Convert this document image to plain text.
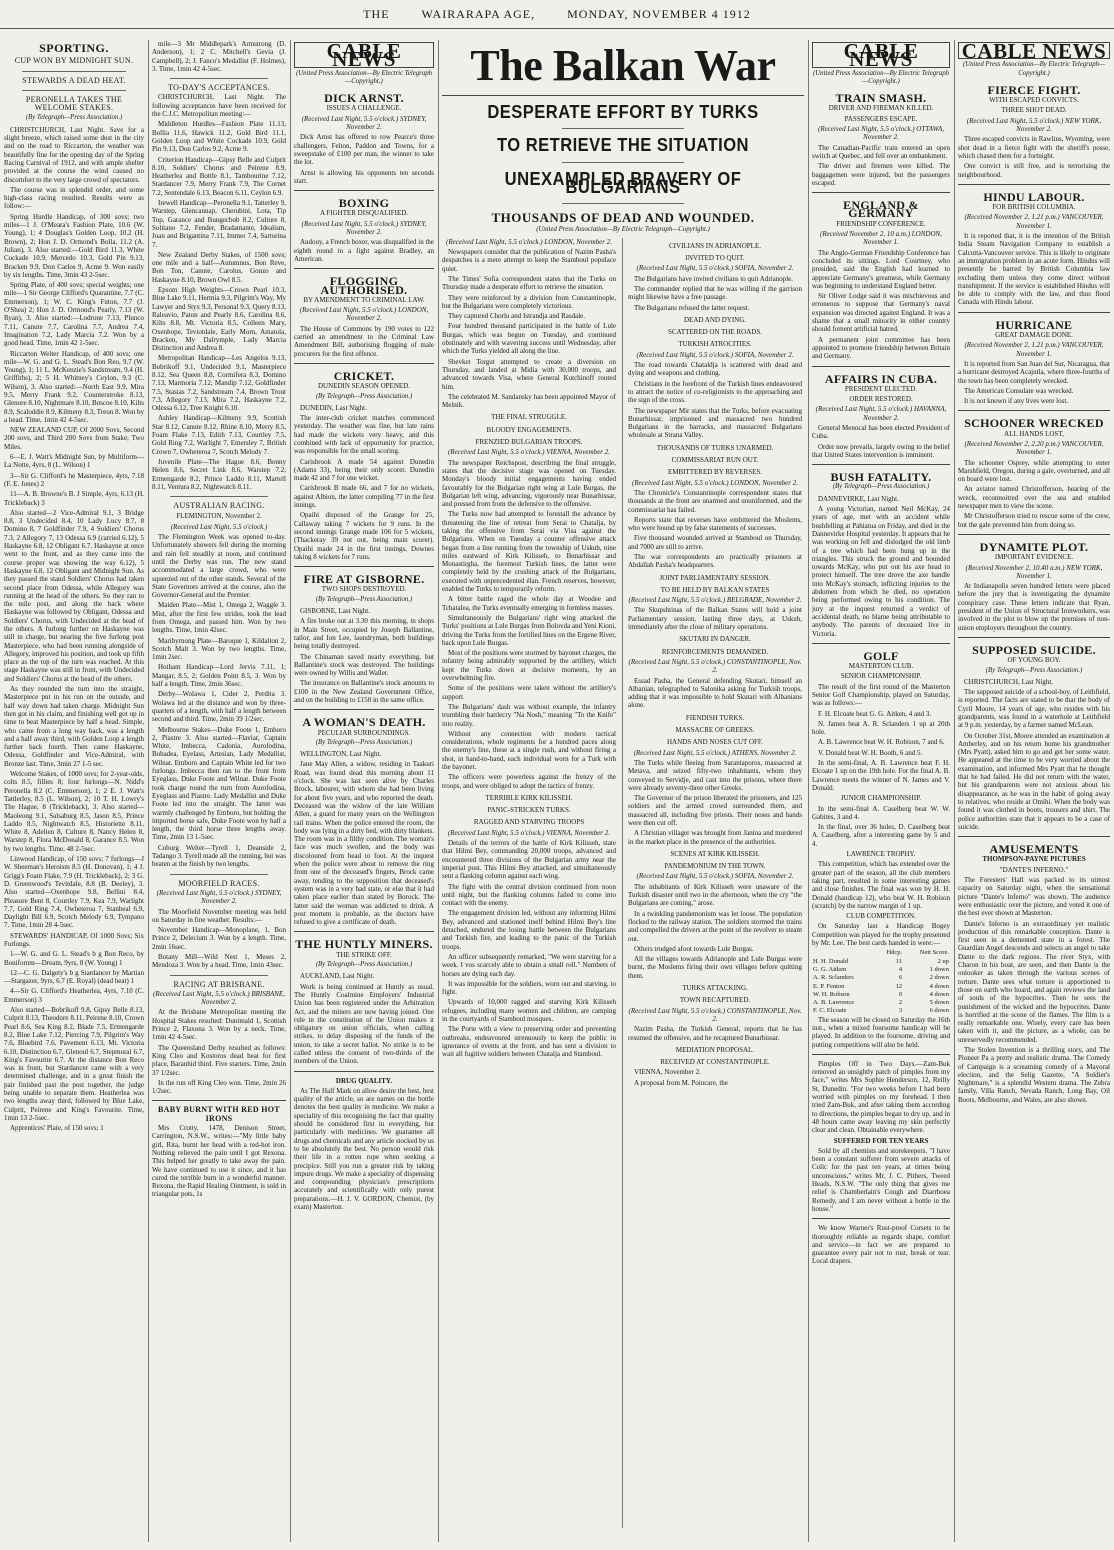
THE	WAIRARAPA AGE,	MONDAY, NOVEMBER 4 1912
SPORTING.
CUP WON BY MIDNIGHT SUN.
STEWARDS A DEAD HEAT.
PERONELLA TAKES THE WELCOME STAKES.
(By Telegraph—Press Association.)

CHRISTCHURCH, Last Night. Save for a slight breeze, which raised some dust in the city and on the road to Riccarton, the weather was beautifully fine for the opening day of the Spring Racing Carnival of 1912, and with ample shelter provided at the course the wind caused no discomfort to the very large crowd of spectators.

The course was in splendid order, and some high-class racing resulted. Results were as follow:—

Spring Hurdle Handicap, of 300 sovs; two miles—1 J. O'Meara's Fashion Plate, 10.6 (W. Young), 1; 4 Douglas's Golden Loop, 10.2 (H. Brown), 2; Hon J. D. Ormond's Bolla, 11.2 (A. Julian), 3. Also started:—Gold Bird 11.3, White Cockade 10.9, Mercedo 10.3, Gold Pin 9.13, Bracken 9.9, Don Carlos 9, Acme 9. Won easily by six lengths. Time, 3min 43 2-5sec.

Spring Plate, of 400 sovs; special weights; one mile—1 Sir George Clifford's Quarantine, 7.7 (C. Emmerson), 1; W. C. King's Futon, 7.7 (J. O'Shea) 2; Hon J. D. Ormond's Pearly, 7.13 (W. Ryan), 3. Also started:—Lodrone 7.13, Plunco 7.11, Canute 7.7, Carolina 7.7, Andrea 7.4, Imagination 7.2, Lady Marcia 7.2. Won by a good head. Time, 1min 42 1-5sec.

Riccarton Welter Handicap, of 400 sovs; one mile—W. G. and G. L. Stead's Bon Reo, 9.7 (W. Young), 1; 11 L. McKenzie's Sandstream, 9.4 (H. Griffiths), 2; 5 H. Whitney's Ceylon, 9.3 (C. Wilson), 3. Also started:—North East 9.9, Mira 9.5, Merry Frank 9.2, Counterstroke 8.13, Glenore 8.10, Nightmare 8.10, Boscoe 8.10, Kilts 8.9, Scaloddie 8.9, Kilmeny 8.3, Treon 8. Won by a head. Time, 1min 42 4-5sec.

NEW ZEALAND CUP, Of 2000 Sovs, Second 200 sovs, and Third 200 Sovs from Stake; Two Miles.

6—E. J. Watt's Midnight Sun, by Multiform—La Notte, 4yrs, 8 (L. Wilson) 1

3—Sir G. Clifford's he Masterpiece, 4yrs, 7.18 (F. E. Jones) 2

11—A. B. Browne's B. J Simple, 4yrs, 6.13 (H. Trickleback) 3

Also started—2 Vice-Admiral 9.1, 3 Bridge 8.8, 3 Undecided 8.4, 10 Lady Lucy 8.7, 8 Domino 8, 7 Goldfinder 7.9, 4 Soldiers' Chorus 7.3, 2 Allegory 7, 13 Odessa 6.9 (carried 6.12), 5 Haskayne 6.8, 12 Obligant 6.7. Haskayne at once went to the front, and as they came into the course proper was showing the way 6.12), 5 Haskayne 6.8, 12 Obligant and Midnight Sun. As they passed the stand Soldiers' Chorus had taken second place from Odessa, while Allegory was running at the head of the others. So they ran to the mile post, and along the back where Haskayne was followed by Obligant, Odessa and Soldiers' Chorus, with Undecided at the head of the others. A furlong further on Haskayne was still in charge, but nearing the five furlong post Masterpiece, who had been running alongside of Allegory, improved his position, and took up fifth place as the top of the turn was reached. At this stage Haskayne was still in front, with Undecided and Soldiers' Chorus at the head of the others.

As they rounded the turn into the straight, Masterpiece put in his run on the outside, and half way down had taken charge. Midnight Sun then got in his claim, and finishing well got up in time to beat Masterpiece by half a head. Simple, who came from a long way back, was a length and a half away third, with Golden Loop a length further back fourth. Then came Haskayne, Odessa, Goldfinder and Vice-Admiral, with Bronze last. Time, 3min 27 1-5 sec.

Welcome Stakes, of 1000 sovs; for 2-year-olds, colts 8.5, fillies 8; four furlongs—N. Nidd's Peronella 8.2 (C. Emmerson), 1; 2 E. J. Watt's Tattlerley, 8.5 (L. Wilson), 2; 10 T. H. Lowry's The Hague, 8 (Trickleback), 3. Also started—Maoleong 9.1, Salsaburg 8.5, Jason 8.5, Prince Laddo 8.5, Nightwatch 8.5, Historiette 8.11, White 8, Adelien 8, Culture 8, Nancy Helen 8, Warstep 8, Flora McDonald 8, Garance 8.5. Won by two lengths. Time, 48 2-5sec.

Linwood Handicap, of 150 sovs; 7 furlongs—J W. Sheeman's Heroism 8.5 (H. Donovan), 1; 4 J. Grigg's Foam Flake, 7.9 (H. Trickleback), 2; 3 G. D. Greenwood's Tevitdale, 8.8 (B. Deeley), 3. Also started—Oxenhope 9.8, Bellini 8.4, Pleasure Bent 8, Courtley 7.9, Kea 7.9, Warlight 7.7, Gold Ring 7.4, Owheteroa 7, Stanbeal 6.9, Daylight Bill 6.9, Scotch Melody 6.9, Tympano 7. Time, 1min 28 4-5sec.

STEWARDS' HANDICAP, Of 1000 Sovs; Six Furlongs.

1—W. G. and G. L. Stead's b g Bon Reco, by Bonifornm—Dream, 9yrs, 8 (W. Young) 1

12—C. G. Dalgety's b g Stardancer by Martian—Stargazer, 9yrs, 6.7 (E. Royal) (dead heat) 1

4—Sir G. Clifford's Heatherlea, 4yrs, 7.10 (C. Emmerson) 3

Also started—Bobrikoff 9.8, Gipsy Belle 8.13, Culprit 8.13, Theodore 8.11, Peirene 8.10, Crown Pearl 8.6, Sea King 8.2, Blade 7.5, Ermengarde 8.2, Blue Lake 7.12, Piercing 7.9, Pilgrim's Way 7.6, Bluebird 7.6, Pavement 6.13, Mt. Victoria 6.10, Distinction 6.7, Glenoul 6.7, Stepmoral 6.7, King's Favourite 6.7. At the distance Bon Reco was in front, but Stardancer came with a very determined challenge, and in a great finish the pair finished past the post together, the judge being unable to separate them. Heatherlea was two lengths away third, followed by Blue Lake, Culprit, Peirene and King's Favourite. Time, 1min 13 2-5sec.

Apprentices' Plate, of 150 sovs; 1

mile—3 Mr Middlepark's Armstrong (D. Anderson), 1; 2 C. Mitchell's Gevia (J. Campbell), 2; J. Fanco's Medallist (F. Holmes), 3. Time, 1min 42 4-5sec.

TO-DAY'S ACCEPTANCES.

CHRISTCHURCH, Last Night. The following acceptances have been received for the C.J.C. Metropolitan meeting:—

Middleton Hurdles—Fashion Plate 11.13, Bollia 11.6, Hawick 11.2, Gold Bird 11.1, Golden Loop and White Cockade 10.9, Gold Pin 9.13, Don Carlos 9.2, Acme 9.

Criterion Handicap—Gipsy Belle and Culprit 8.10, Soldiers' Chorus and Peirene 8.9, Heatherlea and Bottle 8.1, Tambourine 7.12, Stardancer 7.9, Merry Frank 7.9, The Cornet 7.2, Sentendale 6.13, Beacon 6.11, Ceylon 6.9.

Irewell Handicap—Peronella 9.1, Tatterley 9, Warstep, Glencannap, Cherubini, Lota, Tip Top, Garance and Bungecbob 8.2, Culture 8, Solitano 7.2, Fender, Bradamante, Idealism, Joan and Brigantina 7.11, Immer 7.4, Sartorina 7.

New Zealand Derby Stakes, of 1500 sovs; one mile and a half—Autumnus, Bon Reve, Bon Ton, Canute, Carolus, Gonzo and Haskayne 8.10, Brown Owl 8.5.

Epsom High Weights—Crown Pearl 10.3, Blue Lake 9.11, Hermia 9.3, Pilgrim's Way, My Lawyer and Styx 9.3, Personal 9.3, Query 8.13, Raleavio, Paton and Pearly 8.6, Carolina 8.6, Kilts 8.8, Mt. Victoria 8.5, Colleen Mary, Oxenhope, Teviotdale, Early Morn, Amatola, Bracken, My Dalrymple, Lady Marcia Distinction and Andrea 8.

Metropolitan Handicap—Les Angelos 9.13, Bobrikoff 9.1, Undecided 9.1, Masterpiece 8.12, Sea Queen 8.8, Cormifera 8.3, Domino 7.13, Marmoria 7.12, Mandip 7.12, Goldfinder 7.5, Stasias 7.2, Sandstream 7.4, Brown Trout 7.3, Allegory 7.13, Mira 7.2, Haskayne 7.2, Odessa 6.12, Tree Knight 6.10.

Ashley Handicap—Kilmeny 9.9, Scottish Star 8.12, Canute 8.12, Rhine 8.10, Merry 8.5, Foam Flake 7.13, Edith 7.13, Courtley 7.5, Gold Ring 7.2, Warlight 7, Emersley 7, British Crown 7, Owheteroa 7, Scotch Melody 7.

Juvenile Plate—The Hague 8.6, Bonny Helen 8.6, Secret Link 8.6, Warstep 7.2, Ermengarde 8.2, Prince Laddo 8.11, Martell 8.11, Ventura 8.2, Nightwatch 8.11.

AUSTRALIAN RACING.
FLEMINGTON, November 2.

(Received Last Night, 5.5 o'clock.)

The Flemington Week was opened to-day. Unfortunately showers fell during the morning and rain fell steadily at noon, and continued until the Derby was run. The new stand accommodated a large crowd, who were squeezed out of the other stands. Several of the State Governors arrived at the course, also the Governor-General and the Premier.

Maiden Plate—Mist 1, Omega 2, Waggle 3. Mist, after the first few strides, took the lead from Omega, and passed him. Won by two lengths. Time, 1min 42sec.

Maribyrnong Plate—Baroque 1, Kildalton 2, Scotch Malt 3. Won by two lengths. Time, 1min 2sec.

Hotham Handicap—Lord Jervis 7.11, 1; Mangar, 8.5, 2; Golden Point 8.5, 3. Won by half a length. Time, 2min 36sec.

Derby—Wolawa 1, Cider 2, Perdita 3. Wolawa led at the distance and won by three-quarters of a length, with half a length between second and third. Time, 2min 39 1/2sec.

Melbourne Stakes—Duke Foote 1, Emboro 2, Piastre 3. Also started—Flaviar, Captain White, Imbecca, Cadonia, Aurofodina, Bobadea, Eyelass, Artesian, Lady Medallist, Wilnat. Emboro and Captain White led for two furlongs. Imbecca then ran to the front from Eyeglass, Duke Foote and Wilnat. Duke Foote took charge round the turn from Aurofodina, Eyeglass and Piastre. Lady Medallist and Duke Foote led into the straight. The latter was warmly challenged by Emboro, but holding the imported horse safe, Duke Foote won by half a length, the third horse three lengths away. Time, 2min 13 1-5sec.

Coburg Welter—Tyrell 1, Deanside 2, Tadango 3. Tyrell made all the running, but was beaten at the finish by two lengths.

MOORFIELD RACES.

(Received Last Night, 5.5 o'clock.) SYDNEY, November 2.

The Moorfield November meeting was held on Saturday in fine weather. Results:—

November Handicap—Monoplane, 1, Bon Prince 2, Delecium 3. Won by a length. Time, 2min 16sec.

Botany Mill—Wild Nest 1, Meses 2, Mendoza 3. Won by a head. Time, 1min 43sec.

RACING AT BRISBANE.

(Received Last Night, 5.5 o'clock.) BRISBANE, November 2.

At the Brisbane Metropolitan meeting the Hospital Stakes resulted: Dunimald 1, Scottish Prince 2, Flaxona 3. Won by a neck. Time, 1min 42 4-5sec.

The Queensland Derby resulted as follows: King Cleo and Kostoros dead heat for first place, Baranhid third. Five starters. Time, 2min 37 1/2sec.

In the run off King Cleo won. Time, 2min 26 1/2sec.

BABY BURNT WITH RED HOT IRONS

Mrs Crotty, 1478, Denison Street, Carrington, N.S.W., writes:—"My little baby girl, Rita, burnt her head with a red-hot iron. Nothing relieved the pain until I got Rexona. This helped her greatly to take away the pain. We have continued to use it since, and it has cured the terrible burn in a wonderful manner. Rexona, the Rapid Healing Ointment, is sold in triangular pots, 1s

CABLE NEWS
(United Press Association—By Electric Telegraph—Copyright.)
DICK ARNST.
ISSUES A CHALLENGE.

(Received Last Night, 5.5 o'clock.) SYDNEY, November 2.

Dick Arnst has offered to row Pearce's three challengers, Felton, Paddon and Towns, for a sweepstake of £100 per man, the winner to take the lot.

Arnst is allowing his opponents ten seconds start.

BOXING
A FIGHTER DISQUALIFIED.

(Received Last Night, 5.5 o'clock.) SYDNEY, November 2.

Audouy, a French boxer, was disqualified in the eighth round in a fight against Bradley, an American.

FLOGGING AUTHORISED.
BY AMENDMENT TO CRIMINAL LAW.

(Received Last Night, 5.5 o'clock.) LONDON, November 2.

The House of Commons by 190 votes to 122 carried an amendment to the Criminal Law Amendment Bill, authorising flogging of male procurers for the first offence.

CRICKET.
DUNEDIN SEASON OPENED.
(By Telegraph—Press Association.)

DUNEDIN, Last Night.

The inter-club cricket matches commenced yesterday. The weather was fine, but late rains had made the wickets very heavy, and this combined with lack of opportunity for practice, was responsible for the small scoring.

Carisbrook A made 54 against Dunedin (Adams 33), being their only scorer. Dunedin made 42 and 7 for one wicket.

Carisbrook B made 66, and 7 for no wickets, against Albion, the latter compiling 77 in the first innings.

Opaihi disposed of the Grange for 25, Callaway taking 7 wickets for 9 runs. In the second innings Grange made 106 for 5 wickets, (Thackeray 39 not out, being main scorer). Opaihi made 24 in the first innings, Downes taking 8 wickets for 7 runs.

FIRE AT GISBORNE.
TWO SHOPS DESTROYED.
(By Telegraph—Press Association.)

GISBORNE, Last Night.

A fire broke out at 3.30 this morning, in shops in Main Street, occupied by Joseph Ballantine, tailor, and Ion Lee, laundryman, both buildings being totally destroyed.

The Chinaman saved nearly everything, but Ballantine's stock was destroyed. The buildings were owned by Willis and Waller.

The insurance on Ballantine's stock amounts to £100 in the New Zealand Government Office, and on the building to £150 in the same office.

A WOMAN'S DEATH.
PECULIAR SURROUNDINGS.
(By Telegraph—Press Association.)

WELLINGTON, Last Night.

Jane May Allen, a widow, residing in Taakuri Road, was found dead this morning about 11 o'clock. She was last seen alive by Charles Brock, labourer, with whom she had been living for about five years, and who reported the death. Deceased was the widow of the late William Allen, a guard for many years on the Wellington rail trains. When the police entered the room, the body was lying in a dirty bed, with dirty blankets. The room was in a filthy condition. The woman's face was much swollen, and the body was discoloured from head to foot. At the inquest when the police were about to remove the ring from one of the deceased's fingers, Brock came away, tending to the supposition that deceased's system was in a very bad state, or else that it had taken place earlier than stated by Borock. The latter said the woman was addicted to drink. A post mortem is probable, as the doctors have refused to give a certificate of death.

THE HUNTLY MINERS.
THE STRIKE OFF.
(By Telegraph—Press Association.)

AUCKLAND, Last Night.

Work is being continued at Huntly as usual. The Huntly Coalmine Employers' Industrial Union has been registered under the Arbitration Act, and the miners are now having joined. One rule in the constitution of the Union makes it obligatory on union officials, when calling strikes, to delay disposing of the funds of the union, to take a secret ballot. No strike is to be called unless the consent of two-thirds of the members of the Union.

DRUG QUALITY.

As The Half Mark on allow desire the best, best quality of the article, so are names on the bottle denotes the best quality in medicine. We make a speciality of this recognising the fact that quality should be considered first in everything, but particularly with medicines. We guarantee all drugs and chemicals and any article stocked by us to be absolutely the best. No person would risk their life in a rotten rope when seeking a precipice. Still you run a greater risk by taking impure drugs. We make a speciality of dispensing and compounding physician's prescriptions accurately and scientifically with only purest preparations.—H. J. V. GORDON, Chemist, (by exam) Masterton.

The Balkan War
DESPERATE EFFORT BY TURKS
TO RETRIEVE THE SITUATION
UNEXAMPLED BRAVERY OF BULGARIANS
THOUSANDS OF DEAD AND WOUNDED.
(United Press Association—By Electric Telegraph—Copyright.)

(Received Last Night, 5.5 o'clock.) LONDON, November 2.

Newspapers consider that the publication of Nazim Pasha's despatches is a mere attempt to keep the Stamboul populace quiet.

The Times' Sofia correspondent states that the Turks on Thursday made a desperate effort to retrieve the situation.

They were reinforced by a division from Constantinople, but the Bulgarians were completely victorious.

They captured Chorlu and Istrandja and Rasdale.

Four hundred thousand participated in the battle of Lule Burgas, which was begun on Tuesday, and continued obstinately and with wavering success until Wednesday, after which the Turks yielded all along the line.

Shevket Torgut attempted to create a diversion on Thursday, and landed at Midia with 30,000 troops, and advanced towards Visa, where General Kutchinoff routed him.

The celebrated M. Sandansky has been appointed Mayor of Melnik.

THE FINAL STRUGGLE.

BLOODY ENGAGEMENTS.

FRENZIED BULGARIAN TROOPS.

(Received Last Night, 5.5 o'clock.) VIENNA, November 2.

The newspaper Reichspost, describing the final struggle, states that the decisive stage was opened on Tuesday. Monday's bloody initial engagements having ended favourably for the Bulgarian right wing at Lule Burgas, the Bulgarian left wing, advancing, vigorously near Bunarhissar, and pressed from from the defensive to the offensive.

The Turks now had attempted to forestall the advance by threatening the line of retreat from Serai to Chatalja, by taking the offensive from Serai via Visa against the Bulgarians. When on Tuesday a counter offensive attack began from a line running from the township of Uskub, nine miles eastward of Kirk Kilisseh, to Bunarhissar and Monastirgha, the foremost Turkish lines, the latter were completely held by the crushing attack of the Bulgarians, executed with unprecedented élan. French reserves, however, enabled the Turks to temporarily reform.

A bitter battle raged the whole day at Woodee and Tchatalea, the Turks eventually emerging in formless masses.

Simultaneously the Bulgarians' right wing attacked the Turks' positions at Lule Burgas from Bolovda and Yeni Kioni, driving the Turks from the fortified lines on the Ergene River, back upon Lule Burgas.

Most of the positions were stormed by bayonet charges, the infantry being admirably supported by the artillery, which kept the Turks down at decisive moments, by an overwhelming fire.

Some of the positions were taken without the artillery's support.

The Bulgarians' dash was without example, the infantry trumbling their battlecry "Na Nosh," meaning "To the Knife" into reality.

Without any connection with modern tactical considerations, whole regiments for a hundred paces along the enemy's line, these at a single rush, and without firing a shot, in hand-to-hand, each individual worn for a Turk with the bayonet.

The officers were powerless against the frenzy of the troops, and were obliged to adopt the tactics of frenzy.

TERRIBLE KIRK KILISSEH.

PANIC-STRICKEN TURKS.

RAGGED AND STARVING TROOPS

(Received Last Night, 5.5 o'clock.) VIENNA, November 2.

Details of the terrors of the battle of Kirk Kilisseh, state that Hilmi Bey, commanding 20,000 troops, advanced and encountered three divisions of the Bulgarian army near the imperial post. This Hilmi Bey attacked, and simultaneously sent a flanking column against each wing.

The fight with the central division continued from noon until night, but the flanking columns failed to come into contact with the enemy.

The engagement division led, without any informing Hilmi Bey, advanced and stationed itself behind Hilmi Bey's line detached, endured the losing battle between the Bulgarians and Turkish fire, and leading to the panic of the Turkish troops.

An officer subsequently remarked, "We were starving for a week. I vos scarcely able to obtain a small roll." Numbers of horses are dying each day.

It was impossible for the soldiers, worn out and starving, to fight.

Upwards of 10,000 ragged and starving Kirk Kilisseh refugees, including many women and children, are camping in the courtyards of Stamboul mosques.

The Porte with a view to preserving order and preventing outbreaks, endeavoured strenuously to keep the public in ignorance of events at the front, and has sent a division to wait all fugitive soldiers between Chatalja and Stamboul.

CIVILIANS IN ADRIANOPLE.

INVITED TO QUIT.

(Received Last Night, 5.5 o'clock.) SOFIA, November 2.

The Bulgarians have invited civilians to quit Adrianople.

The commander replied that he was willing if the garrison might likewise have a free passage.

The Bulgarians refused the latter request.

DEAD AND DYING.

SCATTERED ON THE ROADS.

TURKISH ATROCITIES.

(Received Last Night, 5.5 o'clock.) SOFIA, November 2.

The road towards Chataldja is scattered with dead and dying and weapons and clothing.

Christians in the forefront of the Turkish lines endeavoured to attract the notice of co-religionists to the approaching and the sign of the cross.

The newspaper Mir states that the Turks, before evacuating Bunarhissar, imprisoned and massacred two hundred Bulgarians in the barracks, and massacred Bulgarians wholesale at Strana Valley.

THOUSANDS OF TURKS UNARMED.

COMMISSARIAT RUN OUT.

EMBITTERED BY REVERSES.

(Received Last Night, 5.5 o'clock.) LONDON, November 2.

The Chronicle's Constantinople correspondent states that thousands at the front are unarmed and ununiformed, and the commissariat has failed.

Reports state that reverses have embittered the Moslems, who were bound up by false statements of successes.

Five thousand wounded arrived at Stamboul on Thursday, and 7000 are still to arrive.

The war correspondents are practically prisoners at Abdallah Pasha's headquarters.

JOINT PARLIAMENTARY SESSION.

TO BE HELD BY BALKAN STATES

(Received Last Night, 5.5 o'clock.) BELGRADE, November 2.

The Skupshtinas of the Balkan States will hold a joint Parliamentary session, lasting three days, at Uskub, immediately after the close of military operations.

SKUTARI IN DANGER.

REINFORCEMENTS DEMANDED.

(Received Last Night, 5.5 o'clock.) CONSTANTINOPLE, Nov. 2.

Essad Pasha, the General defending Skutari, himself an Albanian, telegraphed to Salonika asking for Turkish troops, adding that it was impossible to hold Skutari with Albanians alone.

FIENDISH TURKS.

MASSACRE OF GREEKS.

HANDS AND NOSES CUT OFF.

(Received Last Night, 5.5 o'clock.) ATHENS, November 2.

The Turks while fleeing from Sarantaporos, massacred at Metava, and seized fifty-two inhabitants, whom they conveyed to Servidje, and cast into the prisons, where there were already seventy-three other Greeks.

The Governor of the prison liberated the prisoners, and 125 soldiers and the armed crowd surrounded them, and massacred all, including five priests. Their noses and hands were then cut off.

A Christian villager was brought from Janina and murdered in the market place in the presence of the authorities.

SCENES AT KIRK KILISSEH.

PANDEMONIUM IN THE TOWN.

(Received Last Night, 5.5 o'clock.) SOFIA, November 2.

The inhabitants of Kirk Kilisseh were unaware of the Turkish disaster until two in the afternoon, when the cry "the Bulgarians are coming," arose.

In a twinkling pandemonium was let loose. The population flocked to the railway station. The soldiers stormed the trains and compelled the drivers at the point of the revolver to steam out.

Others trudged afoot towards Lule Burgas.

All the villages towards Adrianople and Lule Burgas were burnt, the Moslems firing their own villages before quitting them.

TURKS ATTACKING.

TOWN RECAPTURED.

(Received Last Night, 5.5 o'clock.) CONSTANTINOPLE, Nov. 2.

Nazim Pasha, the Turkish General, reports that he has resumed the offensive, and he recaptured Bunarhissar.

MEDIATION PROPOSAL.

RECEIVED AT CONSTANTINOPLE.

VIENNA, November 2.

A proposal from M. Poincare, the

CABLE NEWS
(United Press Association—By Electric Telegraph—Copyright.)
TRAIN SMASH.
DRIVER AND FIREMAN KILLED.
PASSENGERS ESCAPE.

(Received Last Night, 5.5 o'clock.) OTTAWA, November 2.

The Canadian-Pacific train entered an open switch at Quebec, and fell over an embankment.

The driver and firemen were killed. The baggagemen were injured, but the passengers escaped.

ENGLAND & GERMANY
FRIENDSHIP CONFERENCE.

(Received November 2, 10 a.m.) LONDON, November 1.

The Anglo-German Friendship Conference has concluded its sittings. Lord Courtney, who presided, said the English had learned to appreciate Germany's greatness, while Germany was beginning to understand England better.

Sir Oliver Lodge said it was mischievous and erroneous to suppose that Germany's naval expansion was directed against England. It was a shame that a small minority in either country should foment artificial hatred.

A permanent joint committee has been appointed to promote friendship between Britain and Germany.

AFFAIRS IN CUBA.
PRESIDENT ELECTED.
ORDER RESTORED.

(Received Last Night, 5.5 o'clock.) HAVANNA, November 2.

General Menocal has been elected President of Cuba.

Order now prevails, largely owing to the belief that United States intervention is imminent.

BUSH FATALITY.
(By Telegraph—Press Association.)

DANNEVIRKE, Last Night.

A young Victorian, named Neil McKay, 24 years of age, met with an accident while bushfelling at Pahiatua on Friday, and died in the Dannevirke Hospital yesterday. It appears that he was working on fell and dislodged the old limb of a tree which had been hung up in the triangles. This struck the ground and bounded towards McKay, who put out his axe head to protect himself. The tree drove the axe handle into McKay's stomach, inflicting injuries to the abdomen from which he died, no operation being performed owing to his condition. The jury at the inquest returned a verdict of accidental death, no blame being attributable to anybody. The parents of deceased live in Victoria.

GOLF
MASTERTON CLUB.
SENIOR CHAMPIONSHIP.

The result of the first round of the Masterton Senior Golf Championship, played on Saturday, was as follows:—

F. H. Elcoate beat G. G. Aitken, 4 and 3.

N. James beat A. R. Sclanders 1 up at 20th hole.

A. B. Lawrence beat W. H. Robison, 7 and 6.

V. Donald beat W. H. Booth, 6 and 5.

In the semi-final, A. B. Lawrence beat F. H. Elcoate 1 up on the 19th hole. For the final A. B. Lawrence meets the winner of N. James and V. Donald.

JUNIOR CHAMPIONSHIP.

In the semi-final A. Caselberg beat W. W. Gabites, 3 and 4.

In the final, over 36 holes, D. Caselberg beat A. Caselberg, after a interesting game by 5 and 4.

LAWRENCE TROPHY.

This competition, which has extended over the greater part of the season, all the club members taking part, resulted in some interesting games and close finishes. The final was won by H. H. Donald (handicap 12), who beat W. H. Robison (scratch) by the narrow margin of 1 up.

CLUB COMPETITION.

On Saturday last a Handicap Bogey Competition was played for the trophy presented by Mr. Lee. The best cards handed in were:—

	Hdcp.	Nett Score.
H. H. Donald	11	2 up
G. G. Aitken	4	1 down
A. R. Sclanders	6	2 down
E. P. Fenton	12	4 down
W. H. Robson	0	4 down
A. B. Lawrence	2	5 down
F. C. Elcoate	3	6 down

The season will be closed on Saturday the 16th inst., when a mixed foursome handicap will be played. In addition to the foursome, driving and putting competitions will also be held.

Pimples Off in Two Days.—Zam-Buk removed an unsightly patch of pimples from my face," writes Mrs Sophie Henderson, 12, Reilly St, Dunedin. "For two weeks before I had been worried with pimples on my forehead. I then tried Zam-Buk, and after taking them according to directions, the pimples began to dry up, and in 48 hours came away leaving my skin perfectly clear and clean. Obtainable everywhere.

SUFFERED FOR TEN YEARS

Sold by all chemists and storekeepers. "I have been a constant sufferer from severe attacks of Colic for the past ten years, at times being unconscious," writes Mr. J. C. Pithers, Tweed Heads, N.S.W. "The only thing that gives me relief is Chamberlain's Cough and Diarrhoea Remedy, and I am never without a bottle in the house."

We know Warner's Rust-proof Corsets to be thoroughly reliable as regards shape, comfort and service—in fact we are prepared to guarantee every pair not to rust, break or tear. Local drapers.

CABLE NEWS
(United Press Association—By Electric Telegraph—Copyright.)
FIERCE FIGHT.
WITH ESCAPED CONVICTS.
THREE SHOT DEAD.

(Received Last Night, 5.5 o'clock.) NEW YORK, November 2.

Three escaped convicts in Rawlins, Wyoming, were shot dead in a fierce fight with the sheriff's posse, which chased them for a fortnight.

One convict is still free, and is terrorising the neighbourhood.

HINDU LABOUR.
FOR BRITISH COLUMBIA.

(Received November 2, 1.21 p.m.) VANCOUVER, November 1.

It is reported that, it is the intention of the British India Steam Navigation Company to establish a Calcutta-Vancouver service. This is likely to originate an immigration problem in an acute form. Hindus will presently be barred by British Columbia law excluding them unless they come direct without transhipment. If the service is established Hindus will be able to comply with the law, and thus flood Canada with Hindu labour.

HURRICANE
GREAT DAMAGE DONE.

(Received November 2, 1.21 p.m.) VANCOUVER, November 1.

It is reported from San Juan del Sur, Nicaragua, that a hurricane destroyed Acajutla, where three-fourths of the town has been completely wrecked.

The American Consulate was wrecked.

It is not known if any lives were lost.

SCHOONER WRECKED
ALL HANDS LOST,

(Received November 2, 2.20 p.m.) VANCOUVER, November 1.

The schooner Osprey, while attempting to enter Marshfield, Oregon, during a gale, overturned, and all on board were lost.

An aviator named Christofferson, hearing of the wreck, reconnoitred over the sea and enabled newspaper men to view the scene.

Mr Christofferson tried to rescue some of the crew, but the gale prevented him from doing so.

DYNAMITE PLOT.
IMPORTANT EVIDENCE.

(Received November 2, 10.40 a.m.) NEW YORK, November 1.

At Indianapolis seven hundred letters were placed before the jury that is investigating the dynamite conspiracy case. These letters indicate that Ryan, president of the Union of Structural Ironworkers, was involved in the plot to blow up the premises of non-union employers throughout the country.

SUPPOSED SUICIDE.
OF YOUNG BOY.
(By Telegraph—Press Association.)

CHRISTCHURCH, Last Night.

The supposed suicide of a school-boy, of Leithfield, is reported. The facts are stated to be that the body of Cyril Moore, 14 years of age, who resides with his grandparents, was found in a waterhole at Leithfield at 9 p.m. yesterday, by a farmer named McLean.

On October 31st, Moore attended an examination at Amberley, and on his return home his grandmother (Mrs Pyatt), asked him to go and get her some water. He appeared at the time to be very worried about the examination, and informed Mrs Pyatt that he thought that he had failed. He did not return with the water, but his grandparents were not anxious about his disappearance, as he was in the habit of going away to relatives, who reside at Omihi. When the body was found it was clothed in boots, trousers and shirt. The police authorities state that it appears to be a case of suicide.

AMUSEMENTS
THOMPSON-PAYNE PICTURES
"DANTE'S INFERNO."

The Foresters' Hall was packed to its utmost capacity on Saturday night, when the sensational picture "Dante's Inferno" was shown. The audience were enthusiastic over the picture, and voted it one of the best ever shown at Masterton.

Dante's Inferno is an extraordinary yet realistic production of this remarkable conception. Dante is first seen in a demented state in a forest. The Guardian Angel descends and selects an angel to take Dante to the dark regions. The river Styx, with Charon in his boat, are seen, and then Dante is the onlooker as taken through the various scenes of torture. Dante sees what torture is apportioned to those on earth who hoard, and again reviews the land of souls of the hypocrites. Then he sees the punishment of the wicked and the hypocrites. Dante is horrified at the scene of the flames. The film is a really remarkable one. Wisely, every care has been taken with it, and the picture, as a whole, can be unreservedly recommended.

The Stolen Invention is a thrilling story, and The Pioneer Pa a pretty and realistic drama. The Comedy of Campaign is a screaming comedy of a Mayoral election, and the Selig Gazette, "A Soldier's Nightmare," is a splendid Western drama. The Zebra family, Villa Ranch, Nevada Ranch, Long Bay, Oil Boots, Melbourne, and Wales, are also shown.
